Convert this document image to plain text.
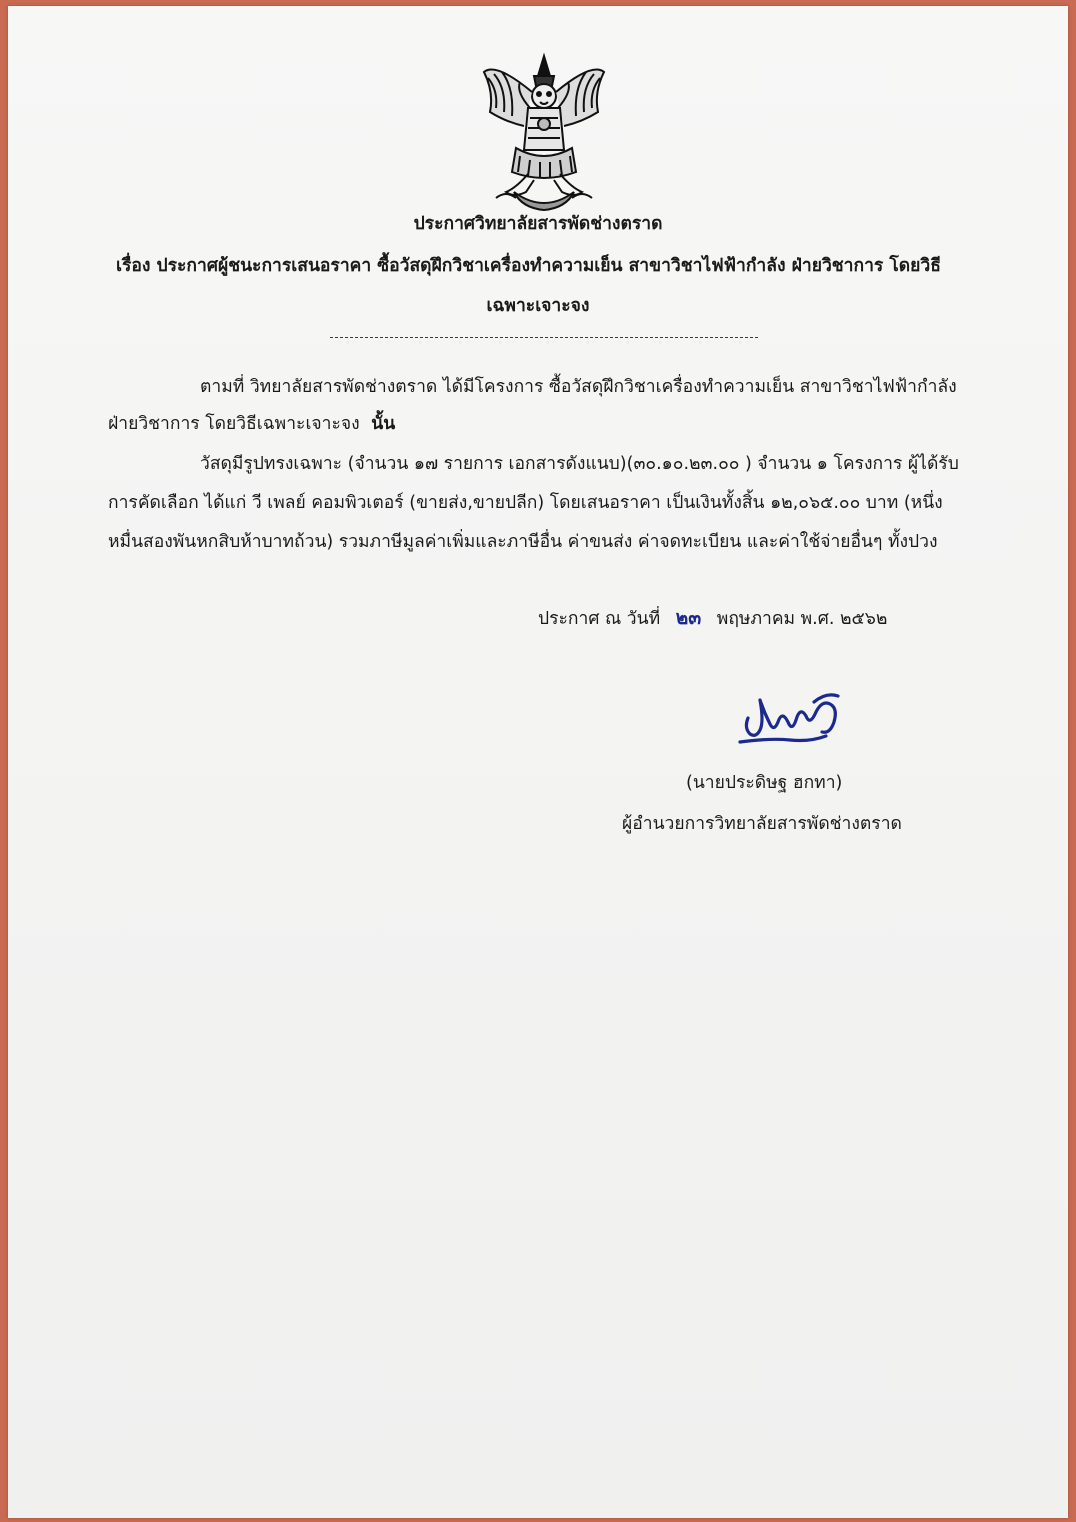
ประกาศวิทยาลัยสารพัดช่างตราด
เรื่อง ประกาศผู้ชนะการเสนอราคา ซื้อวัสดุฝึกวิชาเครื่องทำความเย็น สาขาวิชาไฟฟ้ากำลัง ฝ่ายวิชาการ โดยวิธี
เฉพาะเจาะจง
ตามที่ วิทยาลัยสารพัดช่างตราด ได้มีโครงการ ซื้อวัสดุฝึกวิชาเครื่องทำความเย็น สาขาวิชาไฟฟ้ากำลัง
ฝ่ายวิชาการ โดยวิธีเฉพาะเจาะจง นั้น
วัสดุมีรูปทรงเฉพาะ (จำนวน ๑๗ รายการ เอกสารดังแนบ)(๓๐.๑๐.๒๓.๐๐ ) จำนวน ๑ โครงการ ผู้ได้รับ
การคัดเลือก ได้แก่ วี เพลย์ คอมพิวเตอร์ (ขายส่ง,ขายปลีก) โดยเสนอราคา เป็นเงินทั้งสิ้น ๑๒,๐๖๕.๐๐ บาท (หนึ่ง
หมื่นสองพันหกสิบห้าบาทถ้วน) รวมภาษีมูลค่าเพิ่มและภาษีอื่น ค่าขนส่ง ค่าจดทะเบียน และค่าใช้จ่ายอื่นๆ ทั้งปวง
ประกาศ ณ วันที่ ๒๓ พฤษภาคม พ.ศ. ๒๕๖๒
(นายประดิษฐ ฮกทา)
ผู้อำนวยการวิทยาลัยสารพัดช่างตราด
